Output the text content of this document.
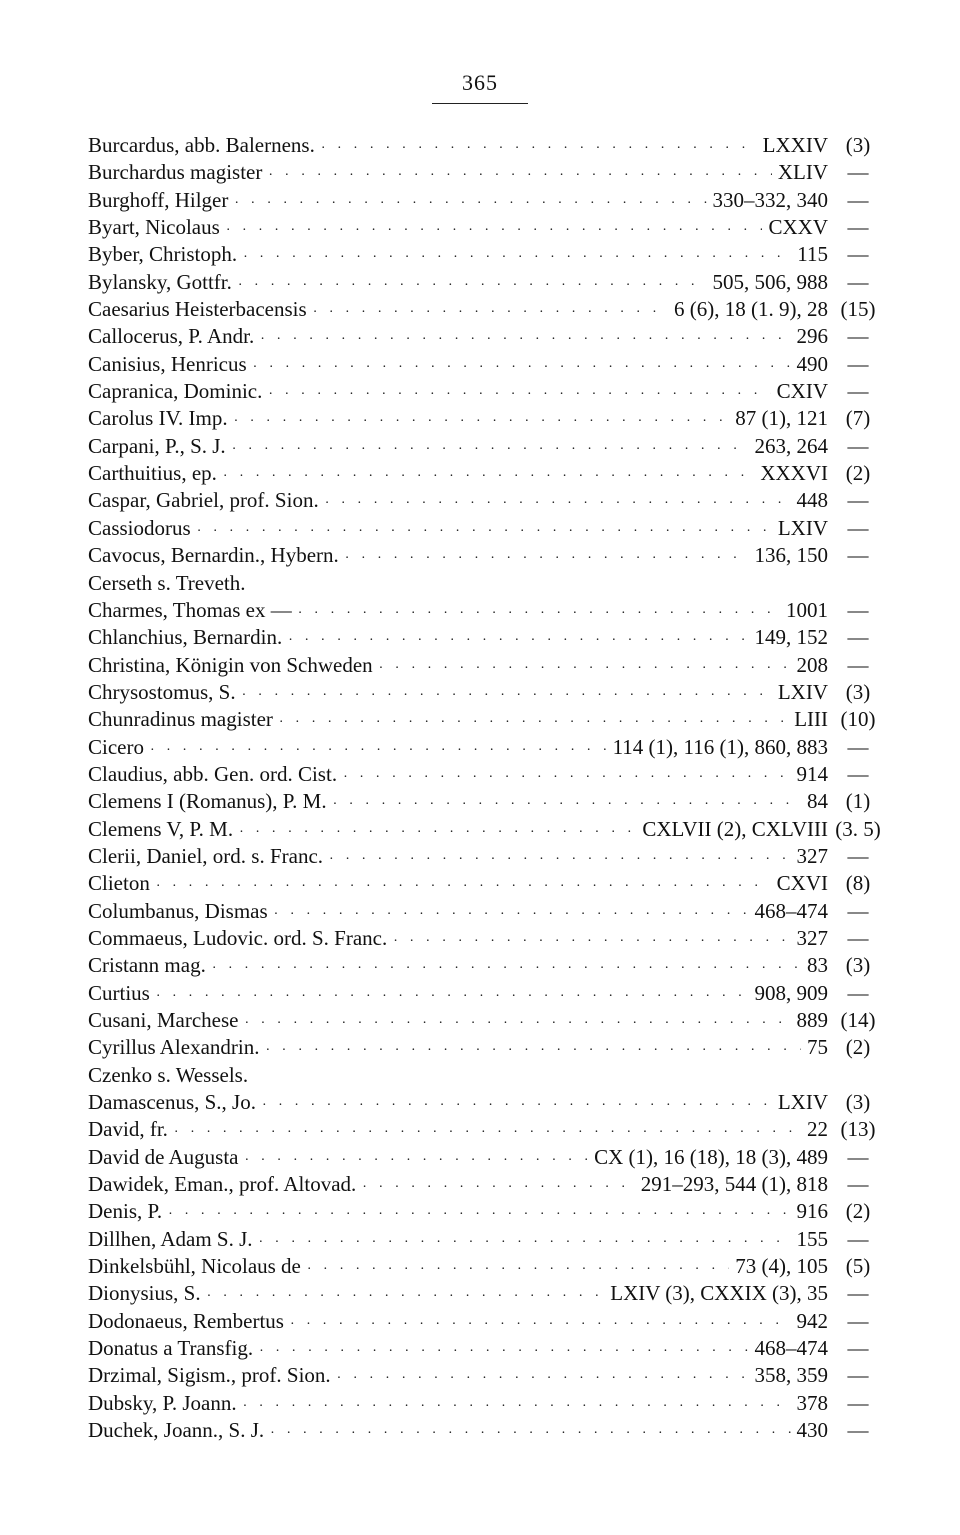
365
Burcardus, abb. Balernens. · · ·	LXXIV (3)
Burchardus magister · · ·	XLIV —
Burghoff, Hilger · · ·	330–332, 340 —
Byart, Nicolaus · · ·	CXXV —
Byber, Christoph. · · ·	115 —
Bylansky, Gottfr. · · ·	505, 506, 988 —
Caesarius Heisterbacensis · · ·	6 (6), 18 (1. 9), 28 (15)
Callocerus, P. Andr. · · ·	296 —
Canisius, Henricus · · ·	490 —
Capranica, Dominic. · · ·	CXIV —
Carolus IV. Imp. · · ·	87 (1), 121 (7)
Carpani, P., S. J. · · ·	263, 264 —
Carthuitius, ep. · · ·	XXXVI (2)
Caspar, Gabriel, prof. Sion. · · ·	448 —
Cassiodorus · · ·	LXIV —
Cavocus, Bernardin., Hybern. · · ·	136, 150 —
Cerseth s. Treveth.
Charmes, Thomas ex — · · ·	1001 —
Chlanchius, Bernardin. · · ·	149, 152 —
Christina, Königin von Schweden · · ·	208 —
Chrysostomus, S. · · ·	LXIV (3)
Chunradinus magister · · ·	LIII (10)
Cicero · · ·	114 (1), 116 (1), 860, 883 —
Claudius, abb. Gen. ord. Cist. · · ·	914 —
Clemens I (Romanus), P. M. · · ·	84 (1)
Clemens V, P. M. · · ·	CXLVII (2), CXLVIII (3. 5)
Clerii, Daniel, ord. s. Franc. · · ·	327 —
Clieton · · ·	CXVI (8)
Columbanus, Dismas · · ·	468–474 —
Commaeus, Ludovic. ord. S. Franc. · · ·	327 —
Cristann mag. · · ·	83 (3)
Curtius · · ·	908, 909 —
Cusani, Marchese · · ·	889 (14)
Cyrillus Alexandrin. · · ·	75 (2)
Czenko s. Wessels.
Damascenus, S., Jo. · · ·	LXIV (3)
David, fr. · · ·	22 (13)
David de Augusta · · ·	CX (1), 16 (18), 18 (3), 489 —
Dawidek, Eman., prof. Altovad. · · ·	291–293, 544 (1), 818 —
Denis, P. · · ·	916 (2)
Dillhen, Adam S. J. · · ·	155 —
Dinkelsbühl, Nicolaus de · · ·	73 (4), 105 (5)
Dionysius, S. · · ·	LXIV (3), CXXIX (3), 35 —
Dodonaeus, Rembertus · · ·	942 —
Donatus a Transfig. · · ·	468–474 —
Drzimal, Sigism., prof. Sion. · · ·	358, 359 —
Dubsky, P. Joann. · · ·	378 —
Duchek, Joann., S. J. · · ·	430 —
